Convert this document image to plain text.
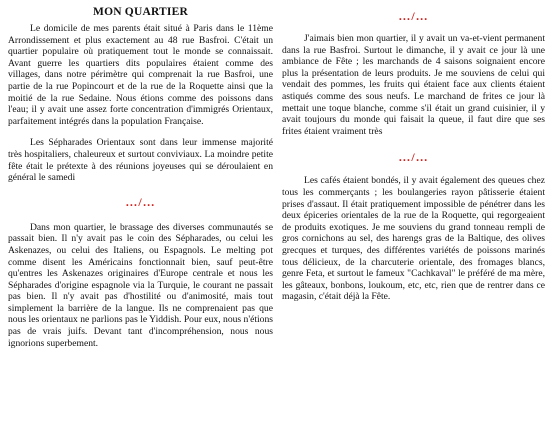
MON QUARTIER

Le domicile de mes parents était situé à Paris dans le 11ème Arrondissement et plus exactement au 48 rue Basfroi. C'était un quartier populaire où pratiquement tout le monde se connaissait. Avant guerre les quartiers dits populaires étaient comme des villages, dans notre périmètre qui comprenait la rue Basfroi, une partie de la rue Popincourt et de la rue de la Roquette ainsi que la moitié de la rue Sedaine. Nous étions comme des poissons dans l'eau; il y avait une assez forte concentration d'immigrés Orientaux, parfaitement intégrés dans la population Française.

Les Sépharades Orientaux sont dans leur immense majorité très hospitaliers, chaleureux et surtout conviviaux. La moindre petite fête était le prétexte à des réunions joyeuses qui se déroulaient en général le samedi

…/…

Dans mon quartier, le brassage des diverses communautés se passait bien. Il n'y avait pas le coin des Sépharades, ou celui les Askenazes, ou celui des Italiens, ou Espagnols. Le melting pot comme disent les Américains fonctionnait bien, sauf peut-être qu'entres les Askenazes originaires d'Europe centrale et nous les Sépharades d'origine espagnole via la Turquie, le courant ne passait pas bien. Il n'y avait pas d'hostilité ou d'animosité, mais tout simplement la barrière de la langue. Ils ne comprenaient pas que nous les orientaux ne parlions pas le Yiddish. Pour eux, nous n'étions pas de vrais juifs. Devant tant d'incompréhension, nous nous ignorions superbement.

…/…

J'aimais bien mon quartier, il y avait un va-et-vient permanent dans la rue Basfroi. Surtout le dimanche, il y avait ce jour là une ambiance de Fête ; les marchands de 4 saisons soignaient encore plus la présentation de leurs produits. Je me souviens de celui qui vendait des pommes, les fruits qui étaient face aux clients étaient astiqués comme des sous neufs. Le marchand de frites ce jour là mettait une toque blanche, comme s'il était un grand cuisinier, il y avait toujours du monde qui faisait la queue, il faut dire que ses frites étaient vraiment très

…/…

Les cafés étaient bondés, il y avait également des queues chez tous les commerçants ; les boulangeries rayon pâtisserie étaient prises d'assaut. Il était pratiquement impossible de pénétrer dans les deux épiceries orientales de la rue de la Roquette, qui regorgeaient de produits exotiques. Je me souviens du grand tonneau rempli de gros cornichons au sel, des harengs gras de la Baltique, des olives grecques et turques, des différentes variétés de poissons marinés tous délicieux, de la charcuterie orientale, des fromages blancs, genre Feta, et surtout le fameux "Cachkaval" le préféré de ma mère, les gâteaux, bonbons, loukoum, etc, etc, rien que de rentrer dans ce magasin, c'était déjà la Fête.
